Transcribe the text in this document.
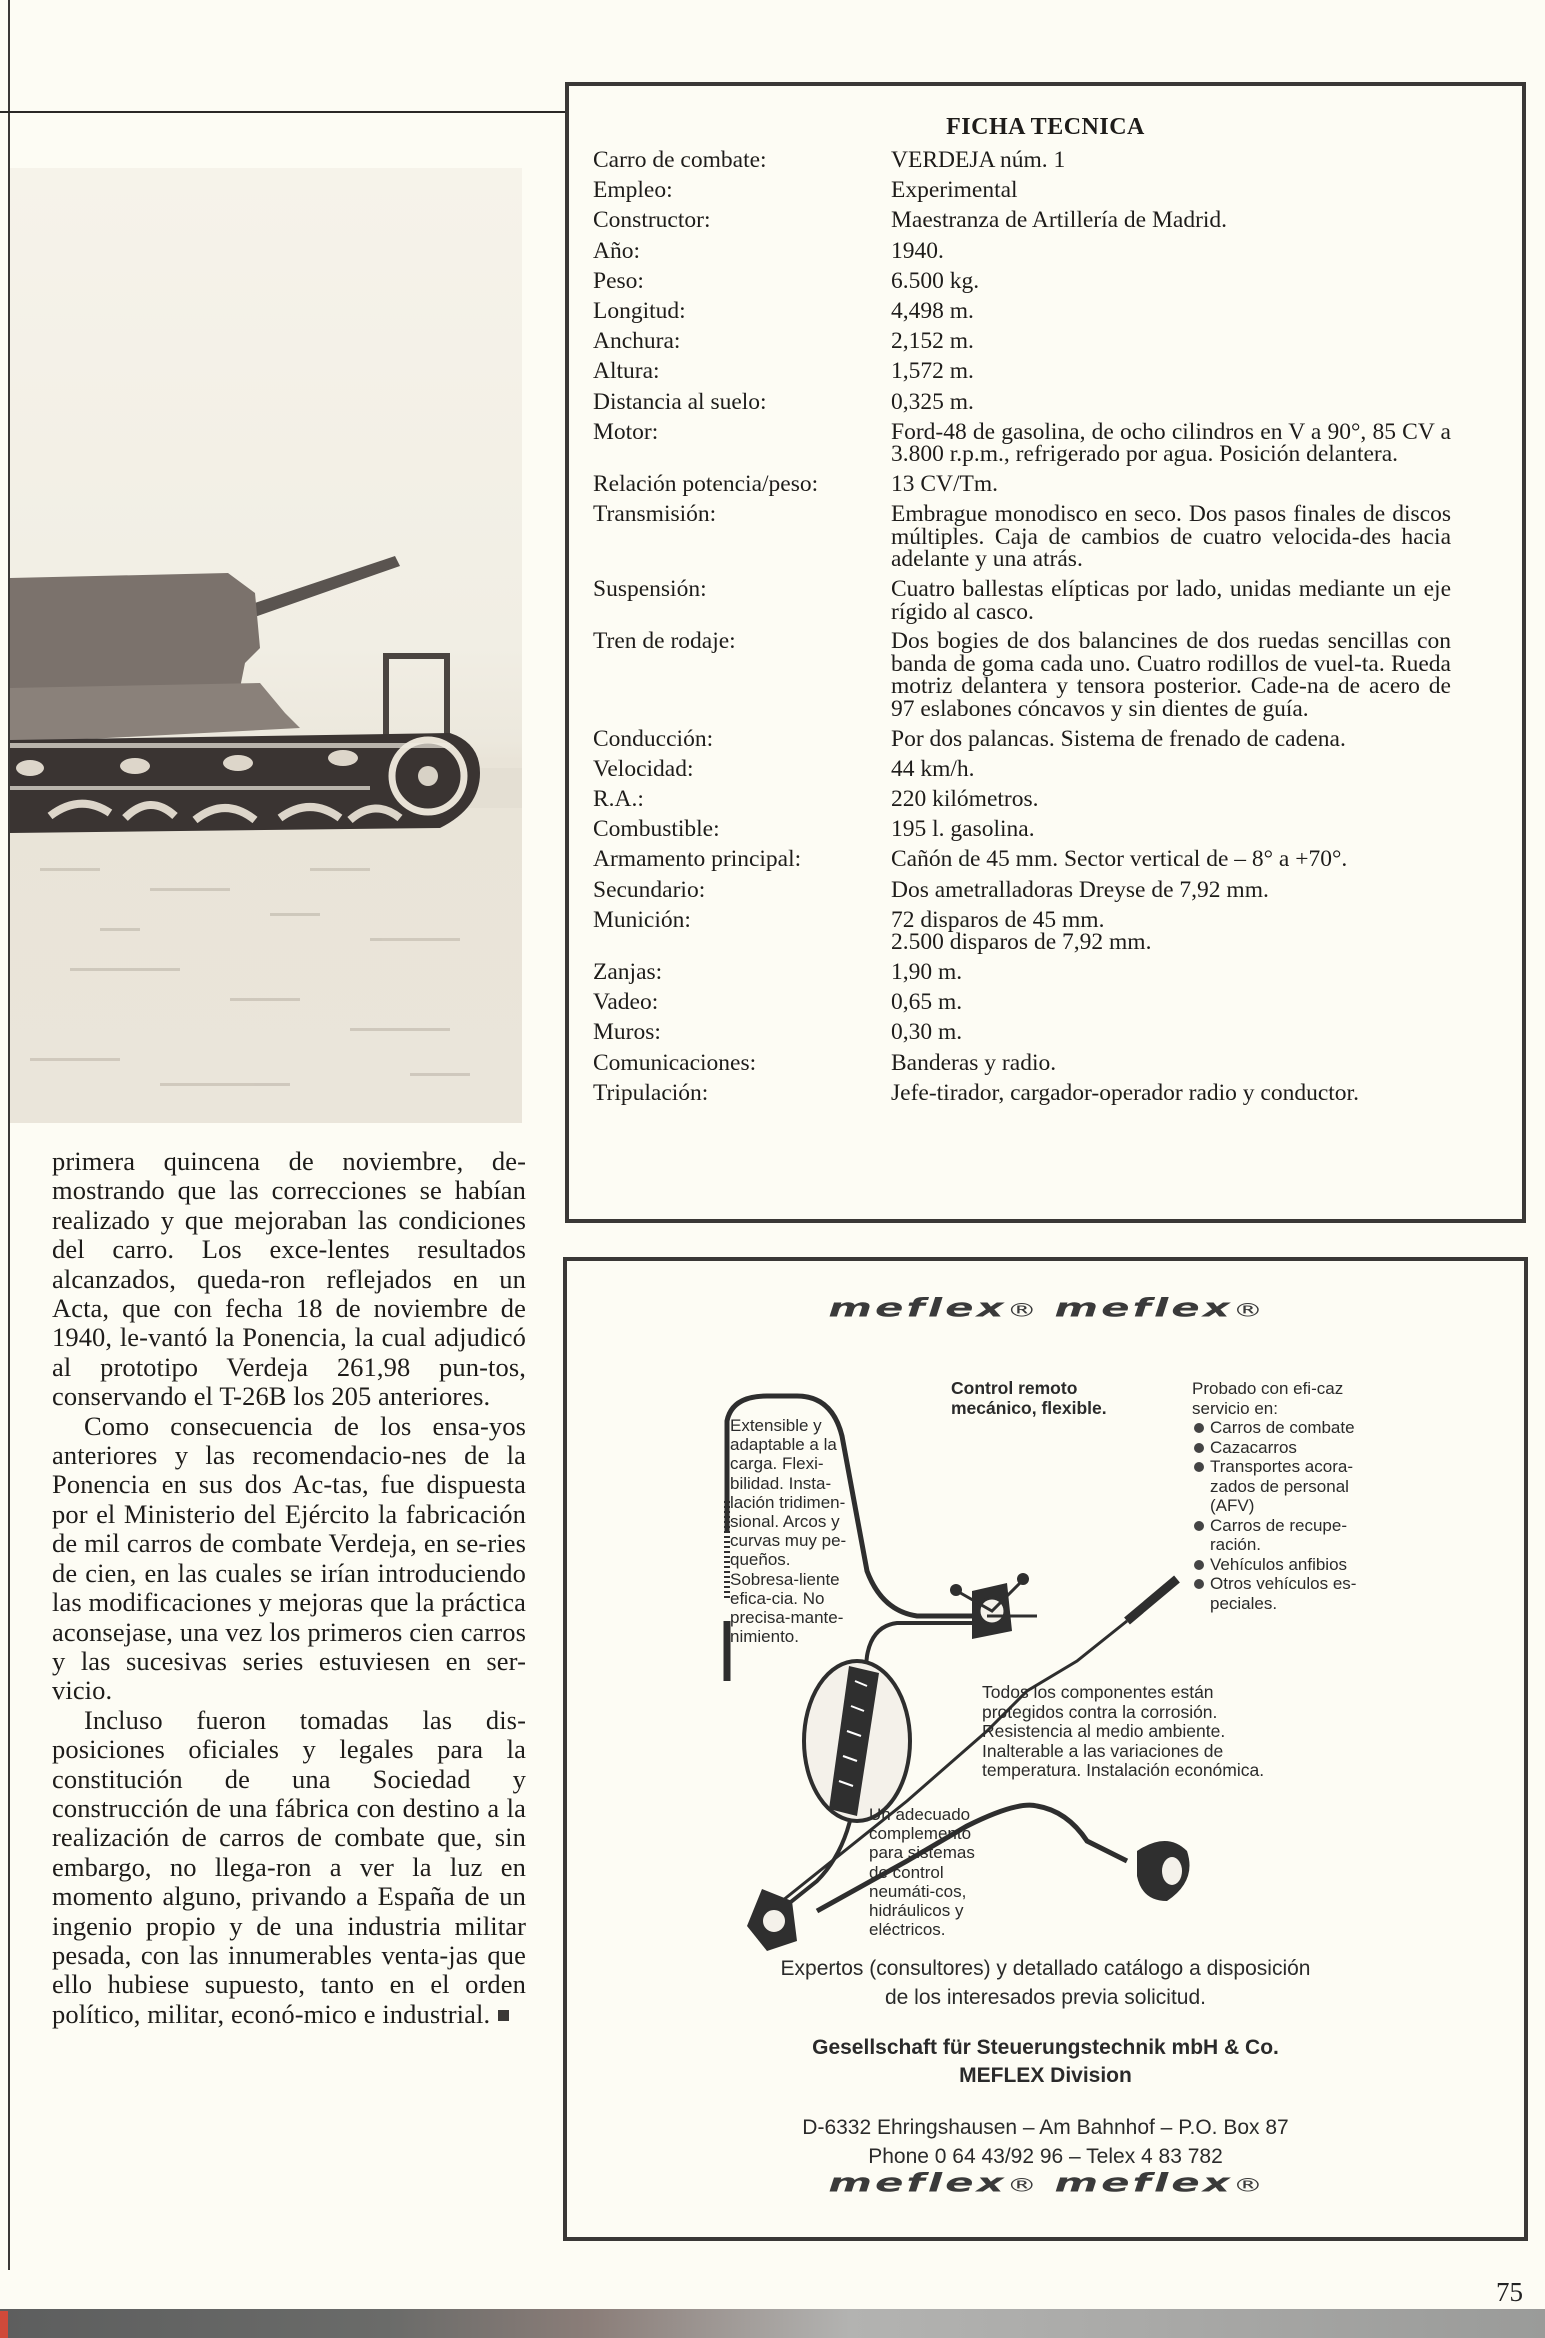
primera quincena de noviembre, de-mostrando que las correcciones se habían realizado y que mejoraban las condiciones del carro. Los exce-lentes resultados alcanzados, queda-ron reflejados en un Acta, que con fecha 18 de noviembre de 1940, le-vantó la Ponencia, la cual adjudicó al prototipo Verdeja 261,98 pun-tos, conservando el T-26B los 205 anteriores.

Como consecuencia de los ensa-yos anteriores y las recomendacio-nes de la Ponencia en sus dos Ac-tas, fue dispuesta por el Ministerio del Ejército la fabricación de mil carros de combate Verdeja, en se-ries de cien, en las cuales se irían introduciendo las modificaciones y mejoras que la práctica aconsejase, una vez los primeros cien carros y las sucesivas series estuviesen en ser-vicio.

Incluso fueron tomadas las dis-posiciones oficiales y legales para la constitución de una Sociedad y construcción de una fábrica con destino a la realización de carros de combate que, sin embargo, no llega-ron a ver la luz en momento alguno, privando a España de un ingenio propio y de una industria militar pesada, con las innumerables venta-jas que ello hubiese supuesto, tanto en el orden político, militar, econó-mico e industrial.

FICHA TECNICA
Carro de combate:	VERDEJA núm. 1
Empleo:	Experimental
Constructor:	Maestranza de Artillería de Madrid.
Año:	1940.
Peso:	6.500 kg.
Longitud:	4,498 m.
Anchura:	2,152 m.
Altura:	1,572 m.
Distancia al suelo:	0,325 m.
Motor:	Ford-48 de gasolina, de ocho cilindros en V a 90°, 85 CV a 3.800 r.p.m., refrigerado por agua. Posición delantera.
Relación potencia/peso:	13 CV/Tm.
Transmisión:	Embrague monodisco en seco. Dos pasos finales de discos múltiples. Caja de cambios de cuatro velocida-des hacia adelante y una atrás.
Suspensión:	Cuatro ballestas elípticas por lado, unidas mediante un eje rígido al casco.
Tren de rodaje:	Dos bogies de dos balancines de dos ruedas sencillas con banda de goma cada uno. Cuatro rodillos de vuel-ta. Rueda motriz delantera y tensora posterior. Cade-na de acero de 97 eslabones cóncavos y sin dientes de guía.
Conducción:	Por dos palancas. Sistema de frenado de cadena.
Velocidad:	44 km/h.
R.A.:	220 kilómetros.
Combustible:	195 l. gasolina.
Armamento principal:	Cañón de 45 mm. Sector vertical de – 8° a +70°.
Secundario:	Dos ametralladoras Dreyse de 7,92 mm.
Munición:	72 disparos de 45 mm.
2.500 disparos de 7,92 mm.
Zanjas:	1,90 m.
Vadeo:	0,65 m.
Muros:	0,30 m.
Comunicaciones:	Banderas y radio.
Tripulación:	Jefe-tirador, cargador-operador radio y conductor.
meflex® meflex®
Extensible y adaptable a la carga. Flexi-bilidad. Insta-lación tridimen-sional. Arcos y curvas muy pe-queños. Sobresa-liente efica-cia. No precisa-mante-nimiento.
Control remoto mecánico, flexible.
Probado con efi-caz servicio en:
Carros de combate
Cazacarros
Transportes acora-zados de personal (AFV)
Carros de recupe-ración.
Vehículos anfibios
Otros vehículos es-peciales.
Todos los componentes están protegidos contra la corrosión. Resistencia al medio ambiente. Inalterable a las variaciones de temperatura. Instalación económica.
Un adecuado complemento para sistemas de control neumáti-cos, hidráulicos y eléctricos.
Expertos (consultores) y detallado catálogo a disposición
de los interesados previa solicitud.
Gesellschaft für Steuerungstechnik mbH & Co.
MEFLEX Division
D-6332 Ehringshausen – Am Bahnhof – P.O. Box 87
Phone 0 64 43/92 96 – Telex 4 83 782
meflex® meflex®
75
